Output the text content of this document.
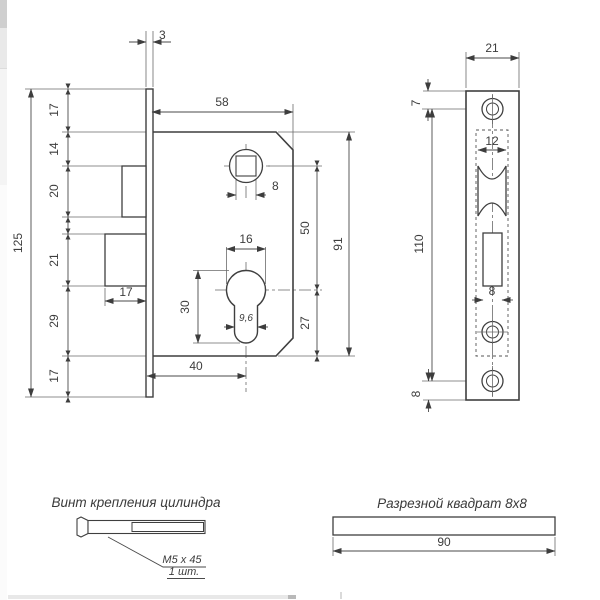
3
125
17
14
20
21
29
17
17
58
8
50
91
16
30
9,6	27
40
21
7
12
110
8
8
Винт крепления цилиндра
M5 x 45
1 шт.
Разрезной квадрат 8x8
90
